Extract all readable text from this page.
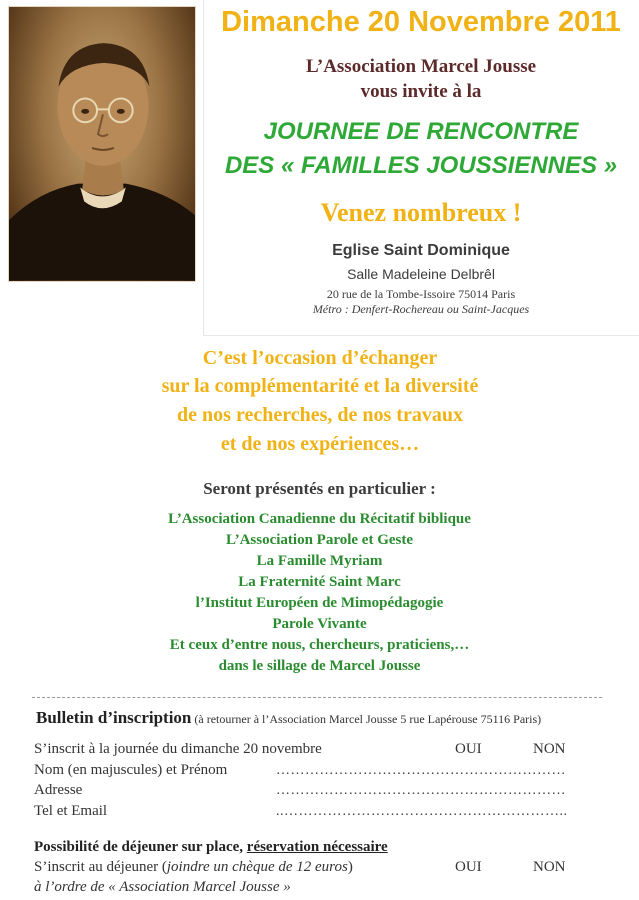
Dimanche 20 Novembre 2011
L’Association Marcel Jousse
vous invite à la
JOURNEE DE RENCONTRE
DES « FAMILLES JOUSSIENNES »
Venez nombreux !
Eglise Saint Dominique
Salle Madeleine Delbrêl
20 rue de la Tombe-Issoire 75014 Paris
Métro : Denfert-Rochereau ou Saint-Jacques
C’est l’occasion d’échanger
sur la complémentarité et la diversité
de nos recherches, de nos travaux
et de nos expériences…
Seront présentés en particulier :
L’Association Canadienne du Récitatif biblique
L’Association Parole et Geste
La Famille Myriam
La Fraternité Saint Marc
l’Institut Européen de Mimopédagogie
Parole Vivante
Et ceux d’entre nous, chercheurs, praticiens,…
dans le sillage de Marcel Jousse
Bulletin d’inscription (à retourner à l’Association Marcel Jousse 5 rue Lapérouse 75116 Paris)
S’inscrit à la journée du dimanche 20 novembre	OUI	NON
Nom (en majuscules) et Prénom	……………………………………………………
Adresse	……………………………………………………
Tel et Email	..…………………………………………………..
Possibilité de déjeuner sur place, réservation nécessaire
S’inscrit au déjeuner (joindre un chèque de 12 euros)	OUI	NON
à l’ordre de « Association Marcel Jousse »
